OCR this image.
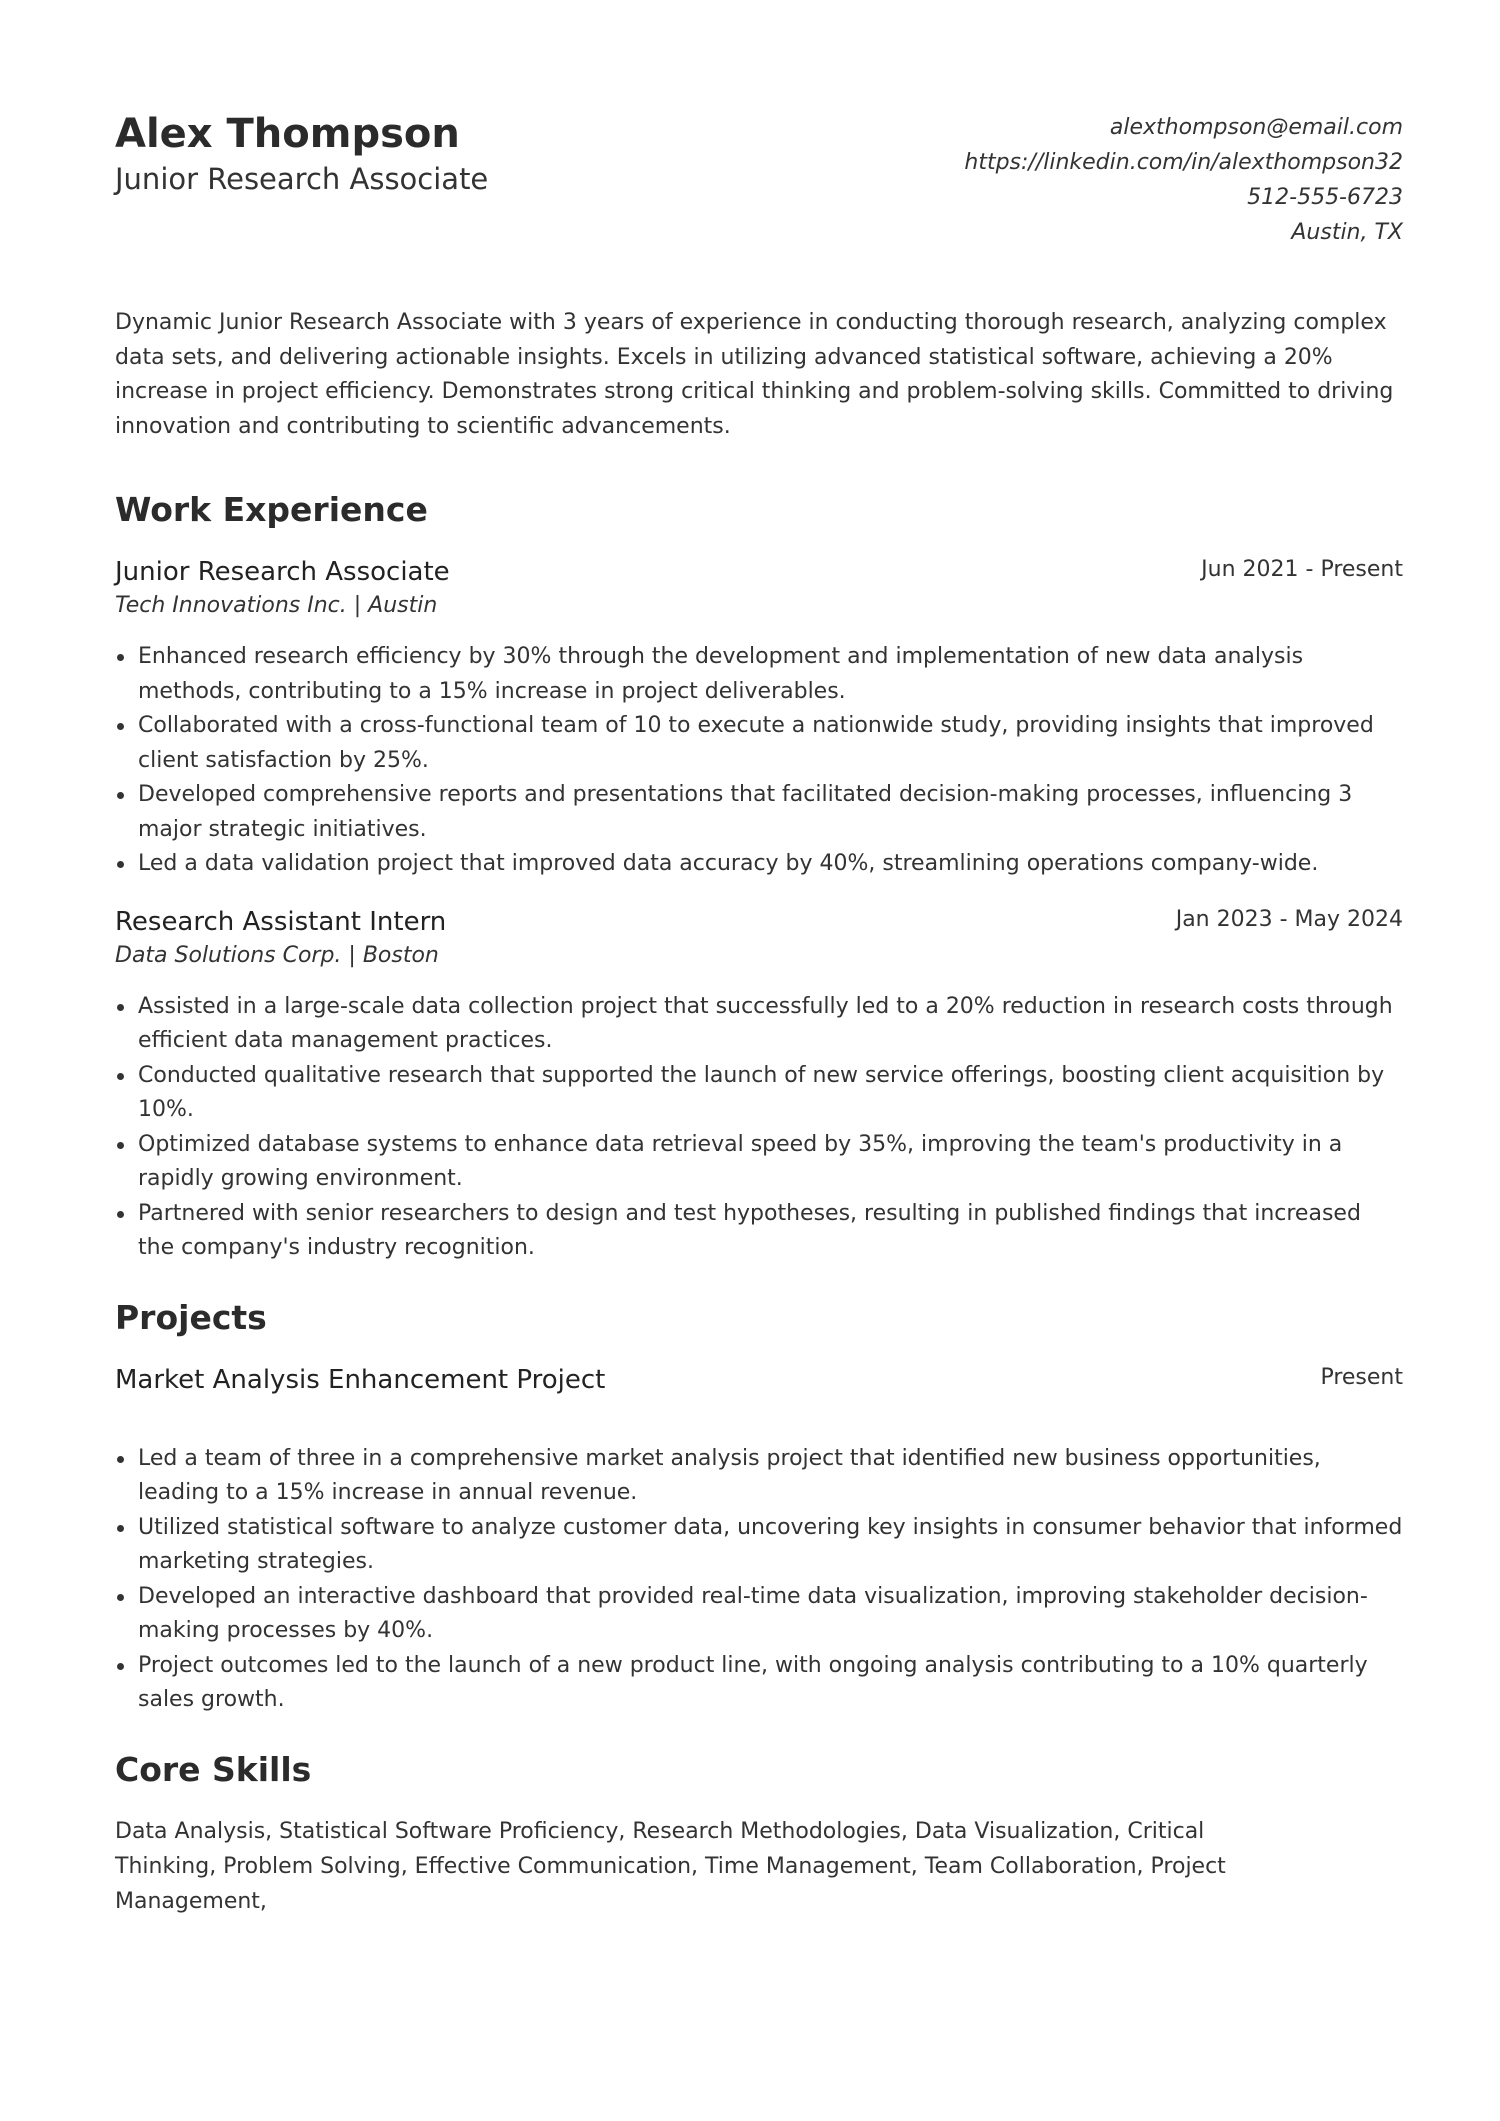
Alex Thompson
Junior Research Associate
alexthompson@email.com
https://linkedin.com/in/alexthompson32
512-555-6723
Austin, TX

Dynamic Junior Research Associate with 3 years of experience in conducting thorough research, analyzing complex data sets, and delivering actionable insights. Excels in utilizing advanced statistical software, achieving a 20% increase in project efficiency. Demonstrates strong critical thinking and problem-solving skills. Committed to driving innovation and contributing to scientific advancements.

Work Experience
Junior Research Associate	Jun 2021 - Present
Tech Innovations Inc. | Austin
Enhanced research efficiency by 30% through the development and implementation of new data analysis methods, contributing to a 15% increase in project deliverables.
Collaborated with a cross-functional team of 10 to execute a nationwide study, providing insights that improved client satisfaction by 25%.
Developed comprehensive reports and presentations that facilitated decision-making processes, influencing 3 major strategic initiatives.
Led a data validation project that improved data accuracy by 40%, streamlining operations company-wide.
Research Assistant Intern	Jan 2023 - May 2024
Data Solutions Corp. | Boston
Assisted in a large-scale data collection project that successfully led to a 20% reduction in research costs through efficient data management practices.
Conducted qualitative research that supported the launch of new service offerings, boosting client acquisition by 10%.
Optimized database systems to enhance data retrieval speed by 35%, improving the team's productivity in a rapidly growing environment.
Partnered with senior researchers to design and test hypotheses, resulting in published findings that increased the company's industry recognition.
Projects
Market Analysis Enhancement Project	Present
Led a team of three in a comprehensive market analysis project that identified new business opportunities, leading to a 15% increase in annual revenue.
Utilized statistical software to analyze customer data, uncovering key insights in consumer behavior that informed marketing strategies.
Developed an interactive dashboard that provided real-time data visualization, improving stakeholder decision-making processes by 40%.
Project outcomes led to the launch of a new product line, with ongoing analysis contributing to a 10% quarterly sales growth.
Core Skills
Data Analysis, Statistical Software Proficiency, Research Methodologies, Data Visualization, Critical Thinking, Problem Solving, Effective Communication, Time Management, Team Collaboration, Project Management,
